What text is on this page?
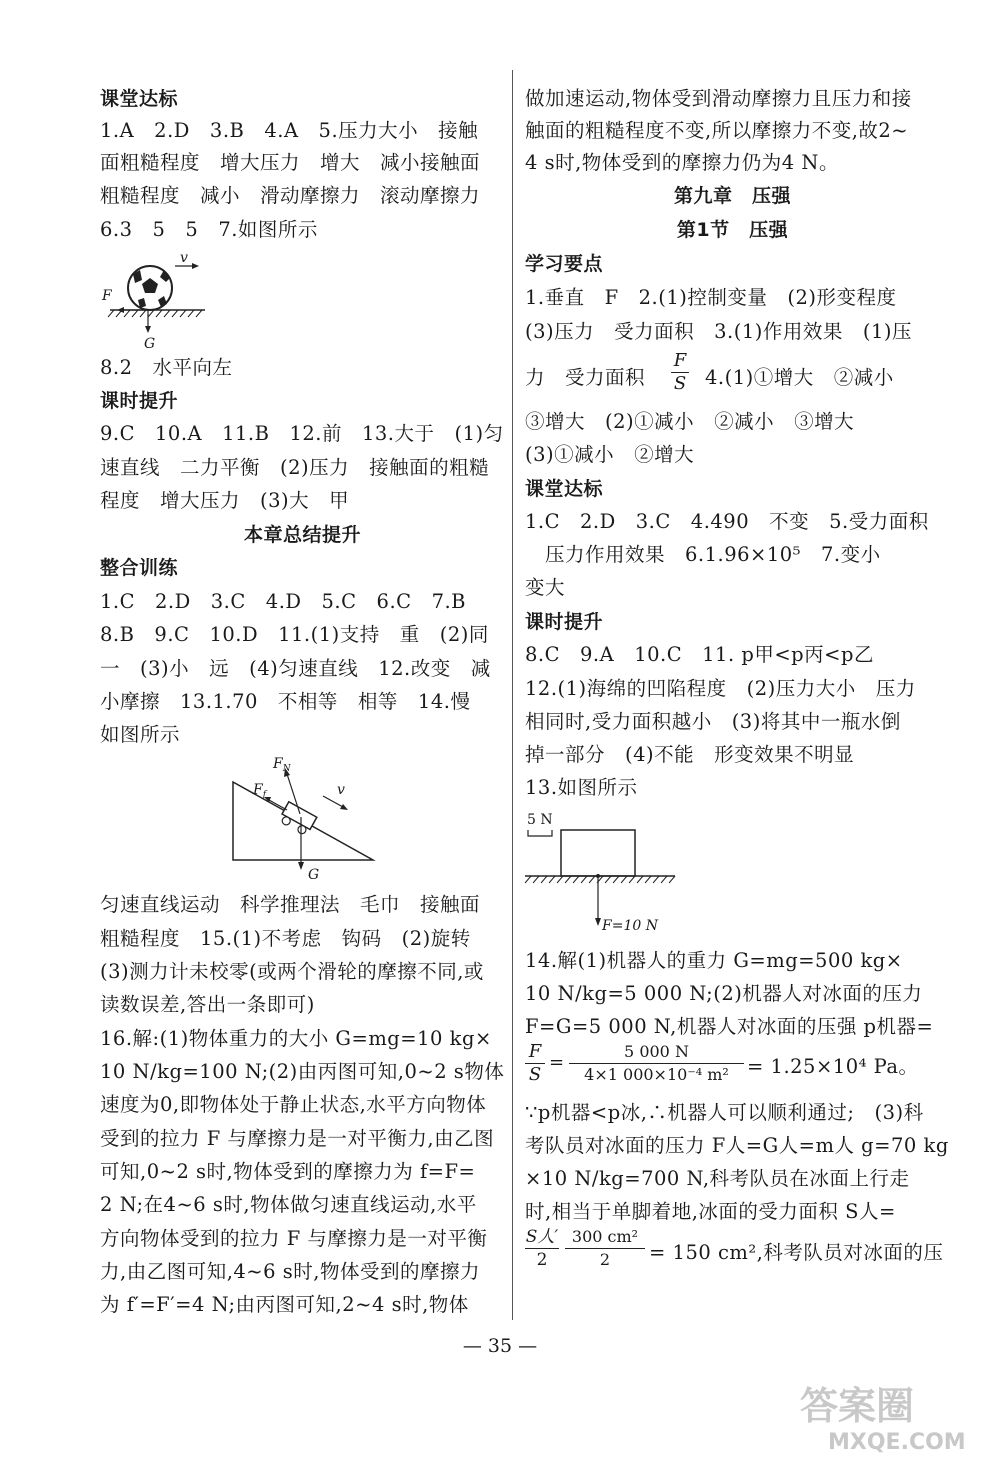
课堂达标
1.A　2.D　3.B　4.A　5.压力大小　接触
面粗糙程度　增大压力　增大　减小接触面
粗糙程度　减小　滑动摩擦力　滚动摩擦力
6.3　5　5　7.如图所示
v
F
G
8.2　水平向左
课时提升
9.C　10.A　11.B　12.前　13.大于　(1)匀
速直线　二力平衡　(2)压力　接触面的粗糙
程度　增大压力　(3)大　甲
本章总结提升
整合训练
1.C　2.D　3.C　4.D　5.C　6.C　7.B
8.B　9.C　10.D　11.(1)支持　重　(2)同
一　(3)小　远　(4)匀速直线　12.改变　减
小摩擦　13.1.70　不相等　相等　14.慢
如图所示
$F_N$
$F_f$	v
G
匀速直线运动　科学推理法　毛巾　接触面
粗糙程度　15.(1)不考虑　钩码　(2)旋转
(3)测力计未校零(或两个滑轮的摩擦不同,或
读数误差,答出一条即可)
16.解:(1)物体重力的大小 G=mg=10 kg×
10 N/kg=100 N;(2)由丙图可知,0~2 s物体
速度为0,即物体处于静止状态,水平方向物体
受到的拉力 F 与摩擦力是一对平衡力,由乙图
可知,0~2 s时,物体受到的摩擦力为 f=F=
2 N;在4~6 s时,物体做匀速直线运动,水平
方向物体受到的拉力 F 与摩擦力是一对平衡
力,由乙图可知,4~6 s时,物体受到的摩擦力
为 f′=F′=4 N;由丙图可知,2~4 s时,物体
做加速运动,物体受到滑动摩擦力且压力和接
触面的粗糙程度不变,所以摩擦力不变,故2~
4 s时,物体受到的摩擦力仍为4 N。
第九章　压强
第1节　压强
学习要点
1.垂直　F　2.(1)控制变量　(2)形变程度
(3)压力　受力面积　3.(1)作用效果　(1)压
力　受力面积
F
S 4.(1)①增大　②减小
③增大　(2)①减小　②减小　③增大
(3)①减小　②增大
课堂达标
1.C　2.D　3.C　4.490　不变　5.受力面积
压力作用效果　6.1.96×10⁵　7.变小
变大
课时提升
8.C　9.A　10.C　11. p甲<p丙<p乙
12.(1)海绵的凹陷程度　(2)压力大小　压力
相同时,受力面积越小　(3)将其中一瓶水倒
掉一部分　(4)不能　形变效果不明显
13.如图所示
5 N
F=10 N
14.解(1)机器人的重力 G=mg=500 kg×
10 N/kg=5 000 N;(2)机器人对冰面的压力
F=G=5 000 N,机器人对冰面的压强 p机器=
F
S
=
5 000 N
4×1 000×10⁻⁴ m² = 1.25×10⁴ Pa。
∵p机器<p冰,∴机器人可以顺利通过;　(3)科
考队员对冰面的压力 F人=G人=m人 g=70 kg
×10 N/kg=700 N,科考队员在冰面上行走
时,相当于单脚着地,冰面的受力面积 S人=
S人′
2
300 cm²
2	= 150 cm²,科考队员对冰面的压
— 35 —
答案圈
MXQE.COM
